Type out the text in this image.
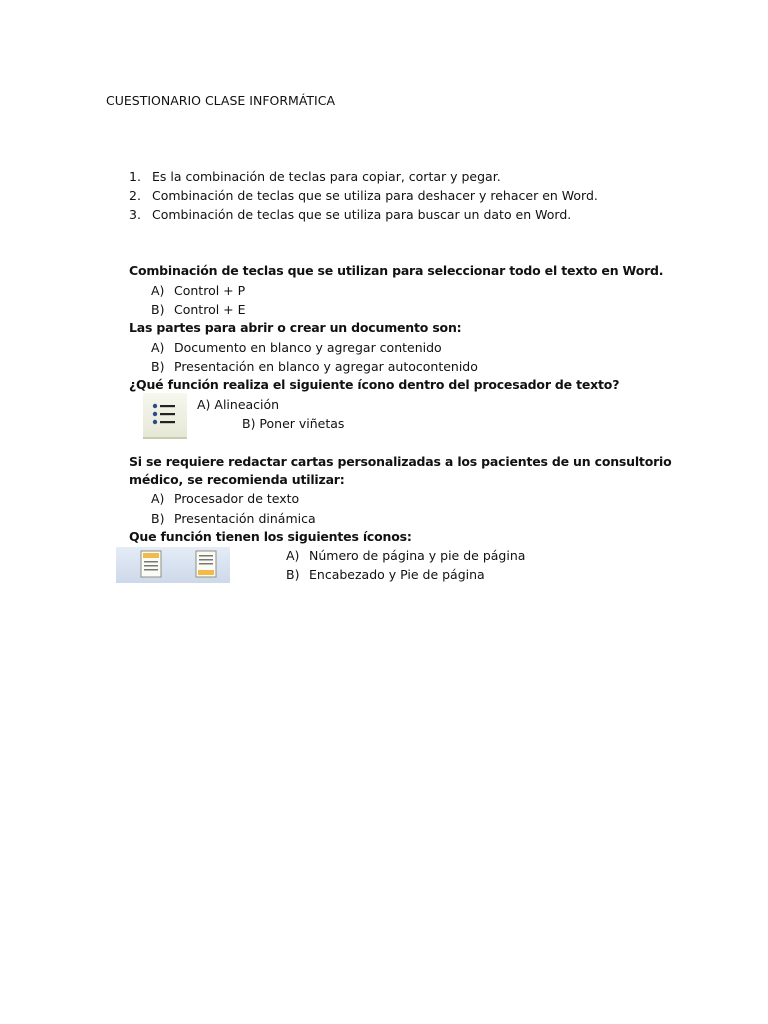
CUESTIONARIO CLASE INFORMÁTICA
1. Es la combinación de teclas para copiar, cortar y pegar.
2. Combinación de teclas que se utiliza para deshacer y rehacer en Word.
3. Combinación de teclas que se utiliza para buscar un dato en Word.
Combinación de teclas que se utilizan para seleccionar todo el texto en Word.
A) Control + P
B) Control + E
Las partes para abrir o crear un documento son:
A) Documento en blanco y agregar contenido
B) Presentación en blanco y agregar autocontenido
¿Qué función realiza el siguiente ícono dentro del procesador de texto?
A) Alineación
B) Poner viñetas
Si se requiere redactar cartas personalizadas a los pacientes de un consultorio
médico, se recomienda utilizar:
A) Procesador de texto
B) Presentación dinámica
Que función tienen los siguientes íconos:
A) Número de página y pie de página
B) Encabezado y Pie de página
